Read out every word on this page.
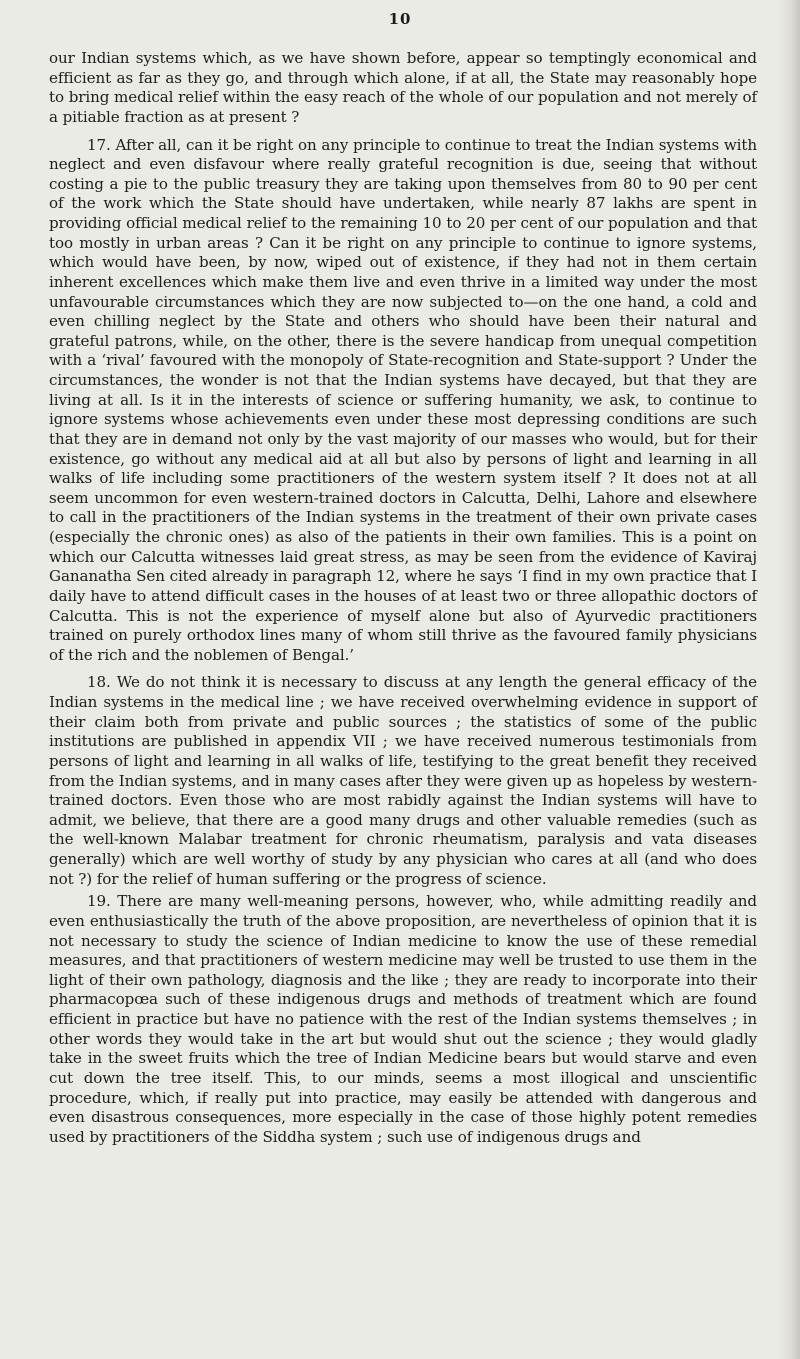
10

our Indian systems which, as we have shown before, appear so temptingly economical and efficient as far as they go, and through which alone, if at all, the State may reasonably hope to bring medical relief within the easy reach of the whole of our population and not merely of a pitiable fraction as at present ?

17. After all, can it be right on any principle to continue to treat the Indian systems with neglect and even disfavour where really grateful recognition is due, seeing that without costing a pie to the public treasury they are taking upon themselves from 80 to 90 per cent of the work which the State should have undertaken, while nearly 87 lakhs are spent in providing official medical relief to the remaining 10 to 20 per cent of our population and that too mostly in urban areas ? Can it be right on any principle to continue to ignore systems, which would have been, by now, wiped out of existence, if they had not in them certain inherent excellences which make them live and even thrive in a limited way under the most unfavourable circumstances which they are now subjected to—on the one hand, a cold and even chilling neglect by the State and others who should have been their natural and grateful patrons, while, on the other, there is the severe handicap from unequal competition with a ‘rival’ favoured with the monopoly of State-recognition and State-support ? Under the circumstances, the wonder is not that the Indian systems have decayed, but that they are living at all. Is it in the interests of science or suffering humanity, we ask, to continue to ignore systems whose achievements even under these most depressing conditions are such that they are in demand not only by the vast majority of our masses who would, but for their existence, go without any medical aid at all but also by persons of light and learning in all walks of life including some practitioners of the western system itself ? It does not at all seem uncommon for even western-trained doctors in Calcutta, Delhi, Lahore and elsewhere to call in the practitioners of the Indian systems in the treatment of their own private cases (especially the chronic ones) as also of the patients in their own families. This is a point on which our Calcutta witnesses laid great stress, as may be seen from the evidence of Kaviraj Gananatha Sen cited already in paragraph 12, where he says ‘I find in my own practice that I daily have to attend difficult cases in the houses of at least two or three allopathic doctors of Calcutta. This is not the experience of myself alone but also of Ayurvedic practitioners trained on purely orthodox lines many of whom still thrive as the favoured family physicians of the rich and the noblemen of Bengal.’

18. We do not think it is necessary to discuss at any length the general efficacy of the Indian systems in the medical line ; we have received overwhelming evidence in support of their claim both from private and public sources ; the statistics of some of the public institutions are published in appendix VII ; we have received numerous testimonials from persons of light and learning in all walks of life, testifying to the great benefit they received from the Indian systems, and in many cases after they were given up as hopeless by western-trained doctors. Even those who are most rabidly against the Indian systems will have to admit, we believe, that there are a good many drugs and other valuable remedies (such as the well-known Malabar treatment for chronic rheumatism, paralysis and vata diseases generally) which are well worthy of study by any physician who cares at all (and who does not ?) for the relief of human suffering or the progress of science.

19. There are many well-meaning persons, however, who, while admitting readily and even enthusiastically the truth of the above proposition, are nevertheless of opinion that it is not necessary to study the science of Indian medicine to know the use of these remedial measures, and that practitioners of western medicine may well be trusted to use them in the light of their own pathology, diagnosis and the like ; they are ready to incorporate into their pharmacopœa such of these indigenous drugs and methods of treatment which are found efficient in practice but have no patience with the rest of the Indian systems themselves ; in other words they would take in the art but would shut out the science ; they would gladly take in the sweet fruits which the tree of Indian Medicine bears but would starve and even cut down the tree itself. This, to our minds, seems a most illogical and unscientific procedure, which, if really put into practice, may easily be attended with dangerous and even disastrous consequences, more especially in the case of those highly potent remedies used by practitioners of the Siddha system ; such use of indigenous drugs and
